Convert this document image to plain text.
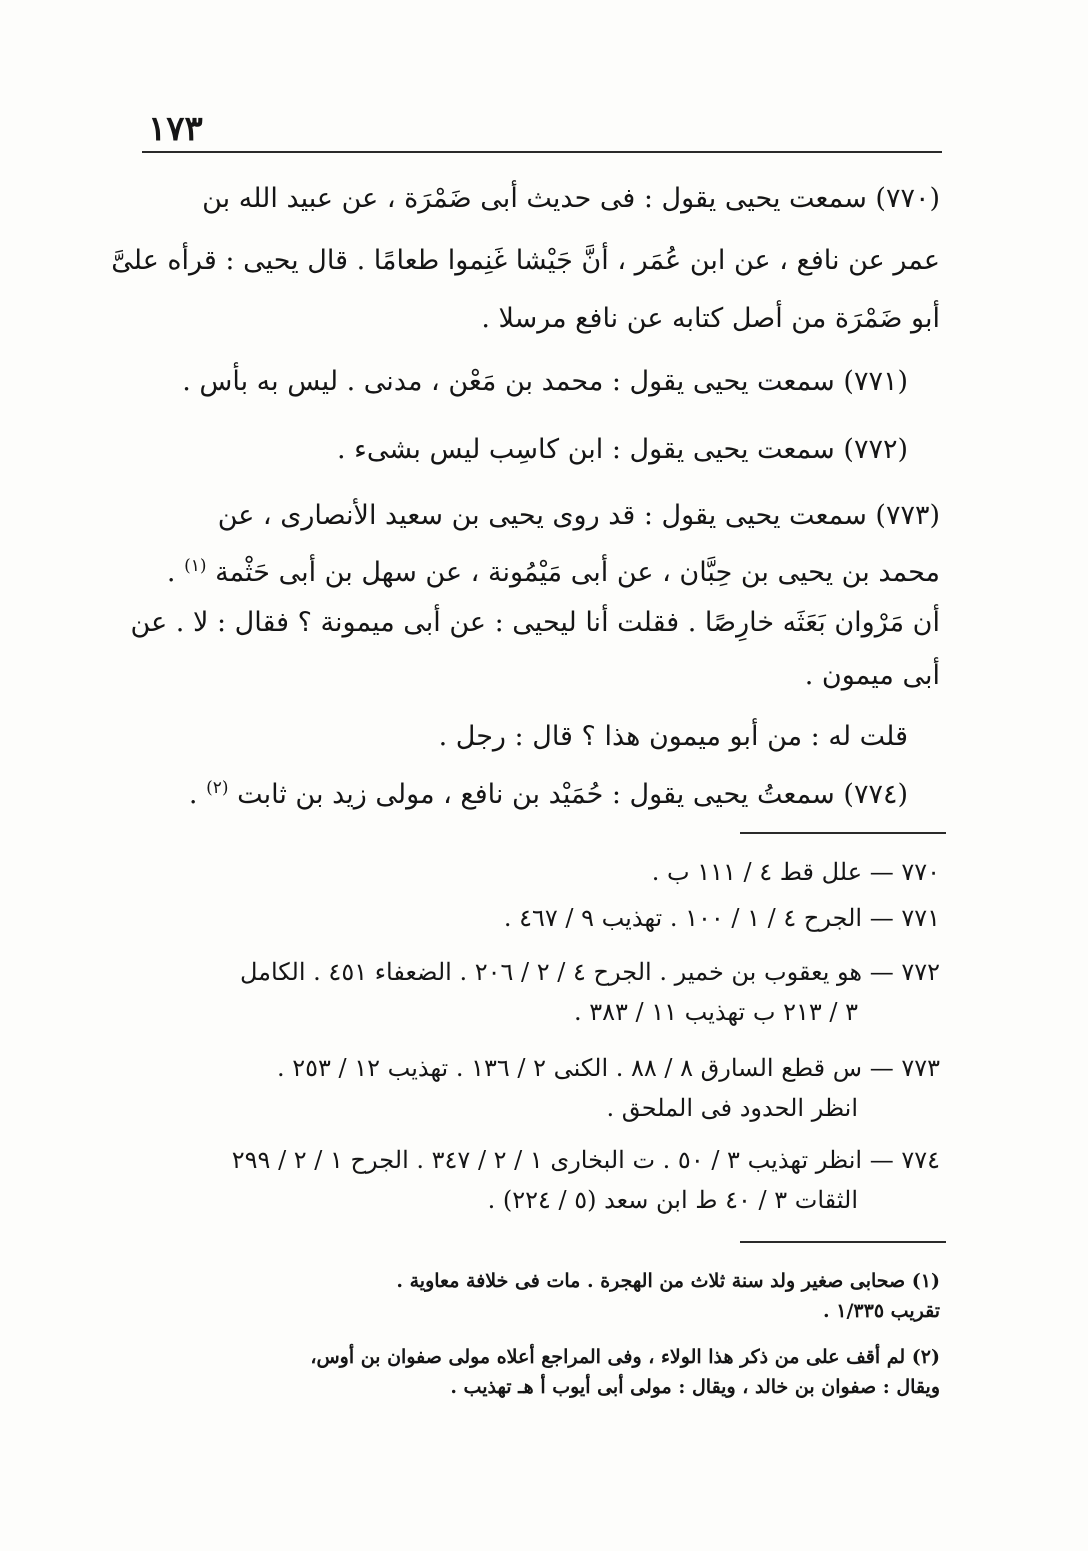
١٧٣
(٧٧٠) سمعت يحيى يقول : فى حديث أبى ضَمْرَة ، عن عبيد الله بن
عمر عن نافع ، عن ابن عُمَر ، أنَّ جَيْشا غَنِموا طعامًا . قال يحيى : قرأه علىَّ
أبو ضَمْرَة من أصل كتابه عن نافع مرسلا .
(٧٧١) سمعت يحيى يقول : محمد بن مَعْن ، مدنى . ليس به بأس .
(٧٧٢) سمعت يحيى يقول : ابن كاسِب ليس بشىء .
(٧٧٣) سمعت يحيى يقول : قد روى يحيى بن سعيد الأنصارى ، عن
محمد بن يحيى بن حِبَّان ، عن أبى مَيْمُونة ، عن سهل بن أبى حَثْمة $^{(١)}$ .
أن مَرْوان بَعَثَه خارِصًا . فقلت أنا ليحيى : عن أبى ميمونة ؟ فقال : لا . عن
أبى ميمون .
قلت له : من أبو ميمون هذا ؟ قال : رجل .
(٧٧٤) سمعتُ يحيى يقول : حُمَيْد بن نافع ، مولى زيد بن ثابت $^{(٢)}$ .
٧٧٠ — علل قط ٤ / ١١١ ب .
٧٧١ — الجرح ٤ / ١ / ١٠٠ . تهذيب ٩ / ٤٦٧ .
٧٧٢ — هو يعقوب بن خمير . الجرح ٤ / ٢ / ٢٠٦ . الضعفاء ٤٥١ . الكامل
٣ / ٢١٣ ب تهذيب ١١ / ٣٨٣ .
٧٧٣ — س قطع السارق ٨ / ٨٨ . الكنى ٢ / ١٣٦ . تهذيب ١٢ / ٢٥٣ .
انظر الحدود فى الملحق .
٧٧٤ — انظر تهذيب ٣ / ٥٠ . ت البخارى ١ / ٢ / ٣٤٧ . الجرح ١ / ٢ / ٢٩٩
الثقات ٣ / ٤٠ ط ابن سعد (٥ / ٢٢٤) .
(١) صحابى صغير ولد سنة ثلاث من الهجرة . مات فى خلافة معاوية .
تقريب ١/٣٣٥ .
(٢) لم أقف على من ذكر هذا الولاء ، وفى المراجع أعلاه مولى صفوان بن أوس،
ويقال : صفوان بن خالد ، ويقال : مولى أبى أيوب أ هـ تهذيب .
